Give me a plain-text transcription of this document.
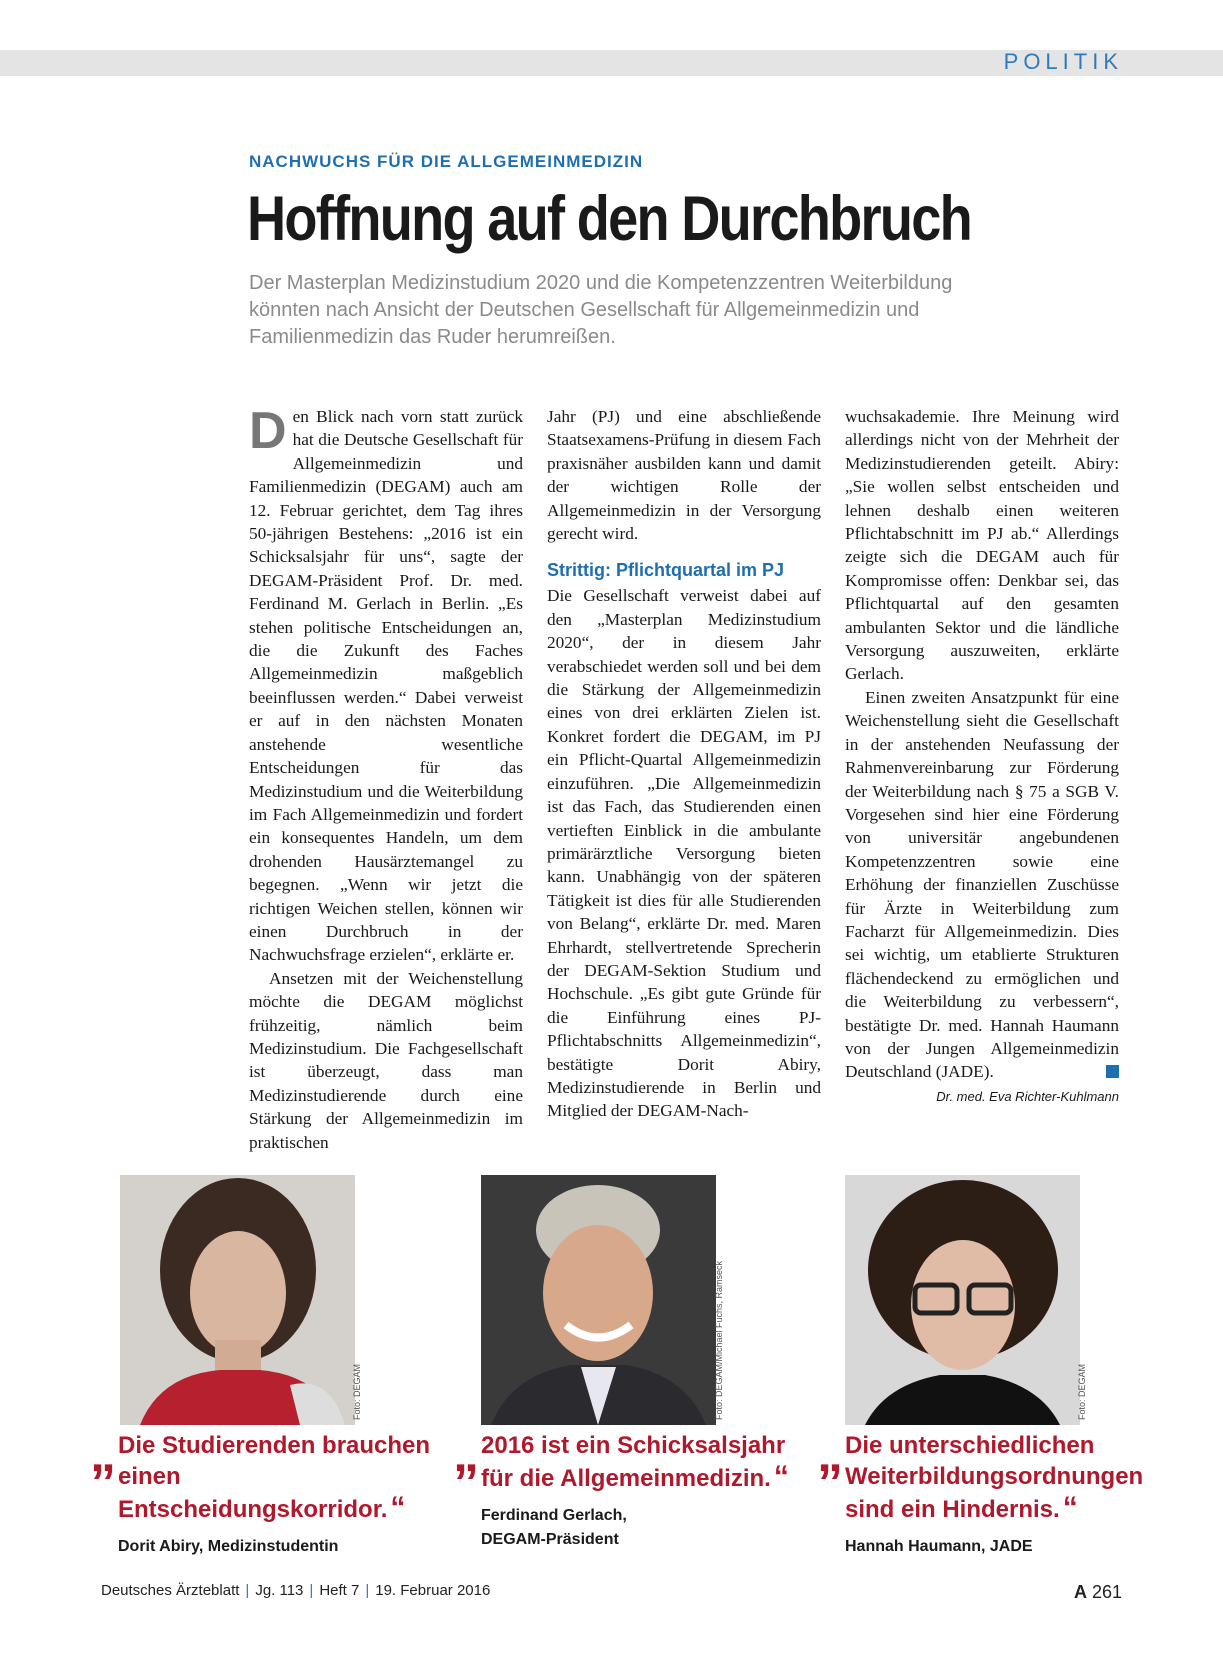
POLITIK
NACHWUCHS FÜR DIE ALLGEMEINMEDIZIN
Hoffnung auf den Durchbruch
Der Masterplan Medizinstudium 2020 und die Kompetenzzentren Weiterbildung könnten nach Ansicht der Deutschen Gesellschaft für Allgemeinmedizin und Familienmedizin das Ruder herumreißen.
D en Blick nach vorn statt zurück hat die Deutsche Gesellschaft für Allgemeinmedizin und Familienmedizin (DEGAM) auch am 12. Februar gerichtet, dem Tag ihres 50-jährigen Bestehens: „2016 ist ein Schicksalsjahr für uns“, sagte der DEGAM-Präsident Prof. Dr. med. Ferdinand M. Gerlach in Berlin. „Es stehen politische Entscheidungen an, die die Zukunft des Faches Allgemeinmedizin maßgeblich beeinflussen werden.“ Dabei verweist er auf in den nächsten Monaten anstehende wesentliche Entscheidungen für das Medizinstudium und die Weiterbildung im Fach Allgemeinmedizin und fordert ein konsequentes Handeln, um dem drohenden Hausärztemangel zu begegnen. „Wenn wir jetzt die richtigen Weichen stellen, können wir einen Durchbruch in der Nachwuchsfrage erzielen“, erklärte er.

Ansetzen mit der Weichenstellung möchte die DEGAM möglichst frühzeitig, nämlich beim Medizinstudium. Die Fachgesellschaft ist überzeugt, dass man Medizinstudierende durch eine Stärkung der Allgemeinmedizin im praktischen

Jahr (PJ) und eine abschließende Staatsexamens-Prüfung in diesem Fach praxisnäher ausbilden kann und damit der wichtigen Rolle der Allgemeinmedizin in der Versorgung gerecht wird.

Strittig: Pflichtquartal im PJ

Die Gesellschaft verweist dabei auf den „Masterplan Medizinstudium 2020“, der in diesem Jahr verabschiedet werden soll und bei dem die Stärkung der Allgemeinmedizin eines von drei erklärten Zielen ist. Konkret fordert die DEGAM, im PJ ein Pflicht-Quartal Allgemeinmedizin einzuführen. „Die Allgemeinmedizin ist das Fach, das Studierenden einen vertieften Einblick in die ambulante primärärztliche Versorgung bieten kann. Unabhängig von der späteren Tätigkeit ist dies für alle Studierenden von Belang“, erklärte Dr. med. Maren Ehrhardt, stellvertretende Sprecherin der DEGAM-Sektion Studium und Hochschule. „Es gibt gute Gründe für die Einführung eines PJ-Pflichtabschnitts Allgemeinmedizin“, bestätigte Dorit Abiry, Medizinstudierende in Berlin und Mitglied der DEGAM-Nach-

wuchsakademie. Ihre Meinung wird allerdings nicht von der Mehrheit der Medizinstudierenden geteilt. Abiry: „Sie wollen selbst entscheiden und lehnen deshalb einen weiteren Pflichtabschnitt im PJ ab.“ Allerdings zeigte sich die DEGAM auch für Kompromisse offen: Denkbar sei, das Pflichtquartal auf den gesamten ambulanten Sektor und die ländliche Versorgung auszuweiten, erklärte Gerlach.

Einen zweiten Ansatzpunkt für eine Weichenstellung sieht die Gesellschaft in der anstehenden Neufassung der Rahmenvereinbarung zur Förderung der Weiterbildung nach § 75 a SGB V. Vorgesehen sind hier eine Förderung von universitär angebundenen Kompetenzzentren sowie eine Erhöhung der finanziellen Zuschüsse für Ärzte in Weiterbildung zum Facharzt für Allgemeinmedizin. Dies sei wichtig, um etablierte Strukturen flächendeckend zu ermöglichen und die Weiterbildung zu verbessern“, bestätigte Dr. med. Hannah Haumann von der Jungen Allgemeinmedizin Deutschland (JADE).

Dr. med. Eva Richter-Kuhlmann
Foto: DEGAM	Foto: DEGAM/Michael Fuchs, Ramseck	Foto: DEGAM
„ Die Studierenden brauchen einen Entscheidungskorridor. “
Dorit Abiry, Medizinstudentin
„ 2016 ist ein Schicksalsjahr für die Allgemeinmedizin. “
Ferdinand Gerlach,
DEGAM-Präsident
„ Die unterschiedlichen Weiterbildungsordnungen sind ein Hindernis. “
Hannah Haumann, JADE
Deutsches Ärzteblatt | Jg. 113 | Heft 7 | 19. Februar 2016	A 261
